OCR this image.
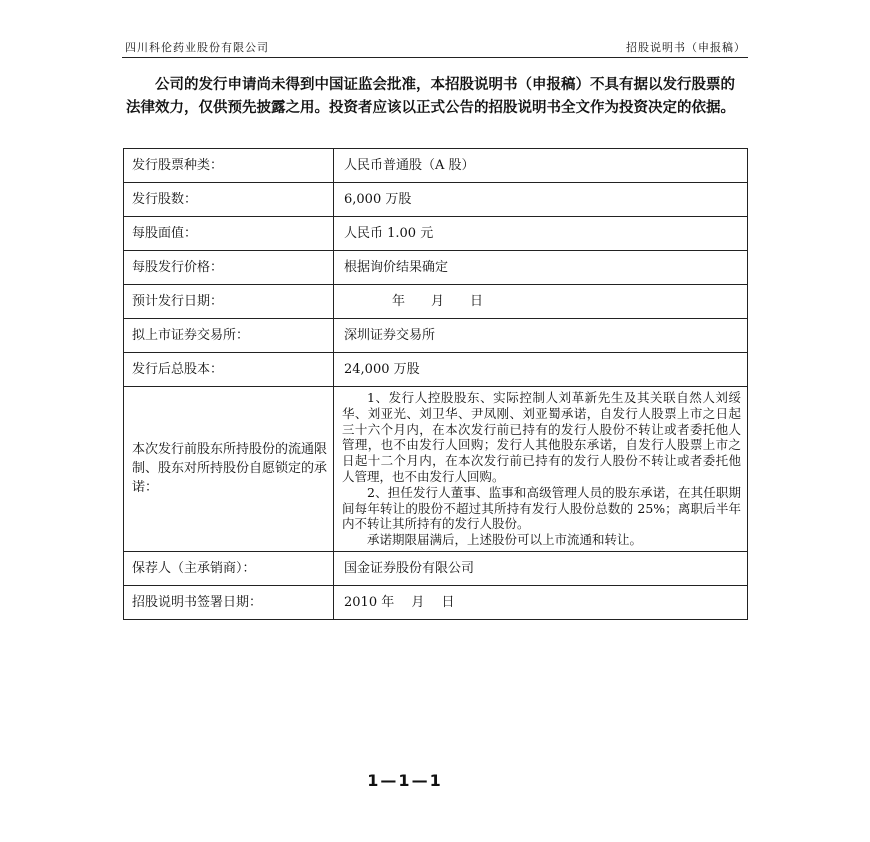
四川科伦药业股份有限公司	招股说明书（申报稿）

公司的发行申请尚未得到中国证监会批准，本招股说明书（申报稿）不具有据以发行股票的法律效力，仅供预先披露之用。投资者应该以正式公告的招股说明书全文作为投资决定的依据。

发行股票种类：	人民币普通股（A 股）
发行股数：	6,000 万股
每股面值：	人民币 1.00 元
每股发行价格：	根据询价结果确定
预计发行日期：	年　　月　　日
拟上市证券交易所：	深圳证券交易所
发行后总股本：	24,000 万股
本次发行前股东所持股份的流通限制、股东对所持股份自愿锁定的承诺：	1、发行人控股股东、实际控制人刘革新先生及其关联自然人刘绥华、刘亚光、刘卫华、尹凤刚、刘亚蜀承诺，自发行人股票上市之日起三十六个月内，在本次发行前已持有的发行人股份不转让或者委托他人管理，也不由发行人回购；发行人其他股东承诺，自发行人股票上市之日起十二个月内，在本次发行前已持有的发行人股份不转让或者委托他人管理，也不由发行人回购。
2、担任发行人董事、监事和高级管理人员的股东承诺，在其任职期间每年转让的股份不超过其所持有发行人股份总数的 25%；离职后半年内不转让其所持有的发行人股份。
承诺期限届满后，上述股份可以上市流通和转让。

保荐人（主承销商）：	国金证券股份有限公司
招股说明书签署日期：	2010 年　 月　 日
1—1—1
